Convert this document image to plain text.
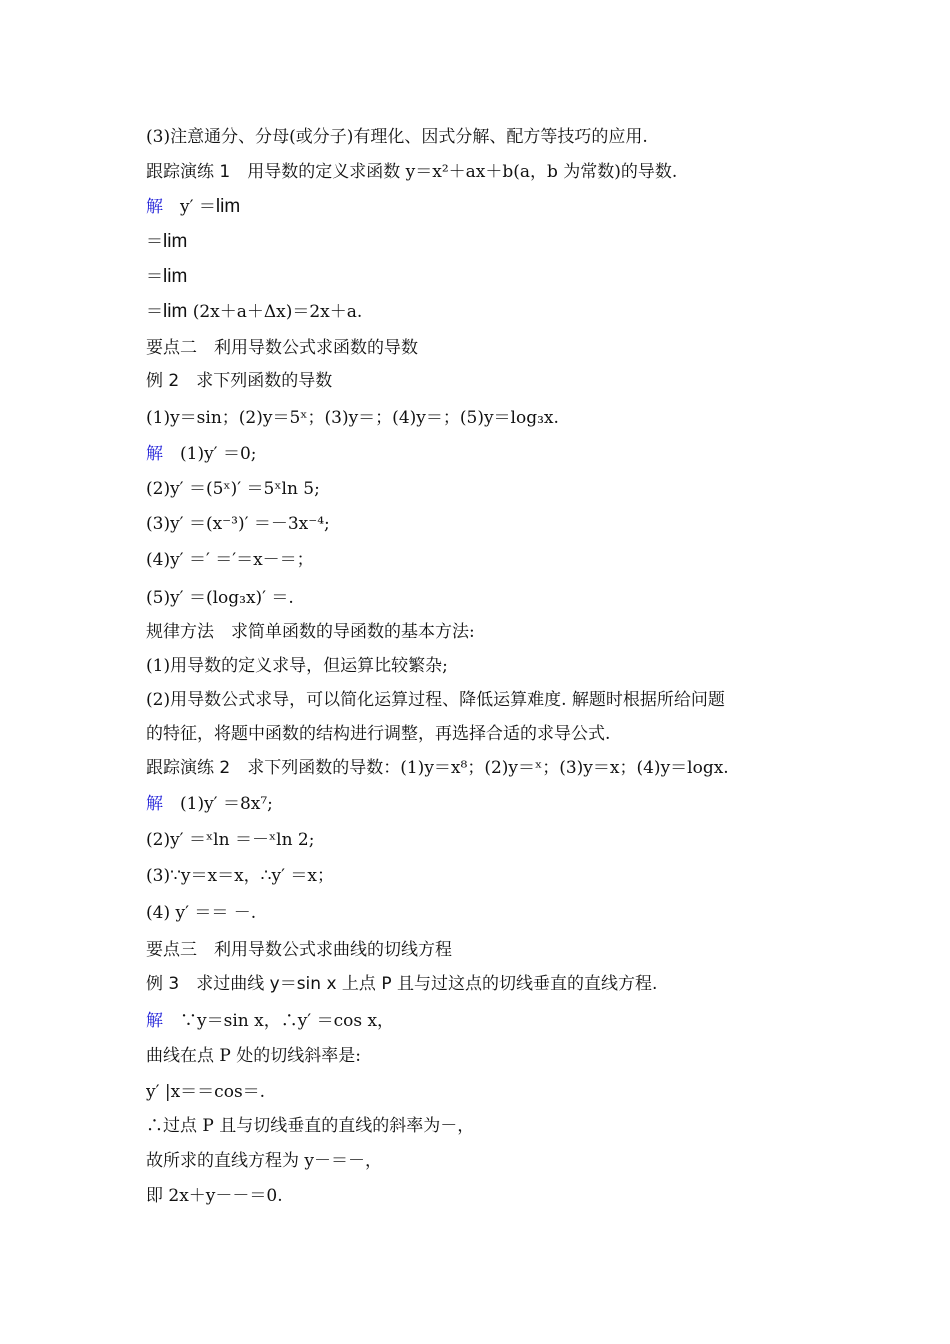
(3)注意通分、分母(或分子)有理化、因式分解、配方等技巧的应用.
跟踪演练 1　 用导数的定义求函数 y＝x²＋ax＋b(a，b 为常数)的导数.
解　 y′ ＝lim
＝lim
＝lim
＝lim (2x＋a＋Δx)＝2x＋a.
要点二　利用导数公式求函数的导数
例 2　 求下列函数的导数
(1)y＝sin；(2)y＝5ˣ；(3)y＝；(4)y＝；(5)y＝log₃x.
解　 (1)y′ ＝0;
(2)y′ ＝(5ˣ)′ ＝5ˣln 5;
(3)y′ ＝(x⁻³)′ ＝－3x⁻⁴;
(4)y′ ＝′ ＝′＝x－＝；
(5)y′ ＝(log₃x)′ ＝.
规律方法　 求简单函数的导函数的基本方法:
(1)用导数的定义求导，但运算比较繁杂;
(2)用导数公式求导，可以简化运算过程、降低运算难度. 解题时根据所给问题
的特征，将题中函数的结构进行调整，再选择合适的求导公式.
跟踪演练 2　 求下列函数的导数：(1)y＝x⁸；(2)y＝ˣ；(3)y＝x；(4)y＝logx.
解　 (1)y′ ＝8x⁷;
(2)y′ ＝ˣln ＝－ˣln 2;
(3)∵y＝x＝x，∴y′ ＝x；
(4) y′ ＝＝ －.
要点三　利用导数公式求曲线的切线方程
例 3　 求过曲线 y＝sin x 上点 P 且与过这点的切线垂直的直线方程.
解　 ∵y＝sin x，∴y′ ＝cos x，
曲线在点 P 处的切线斜率是:
y′ |x＝＝cos＝.
∴过点 P 且与切线垂直的直线的斜率为－，
故所求的直线方程为 y－＝－，
即 2x＋y－－＝0.
